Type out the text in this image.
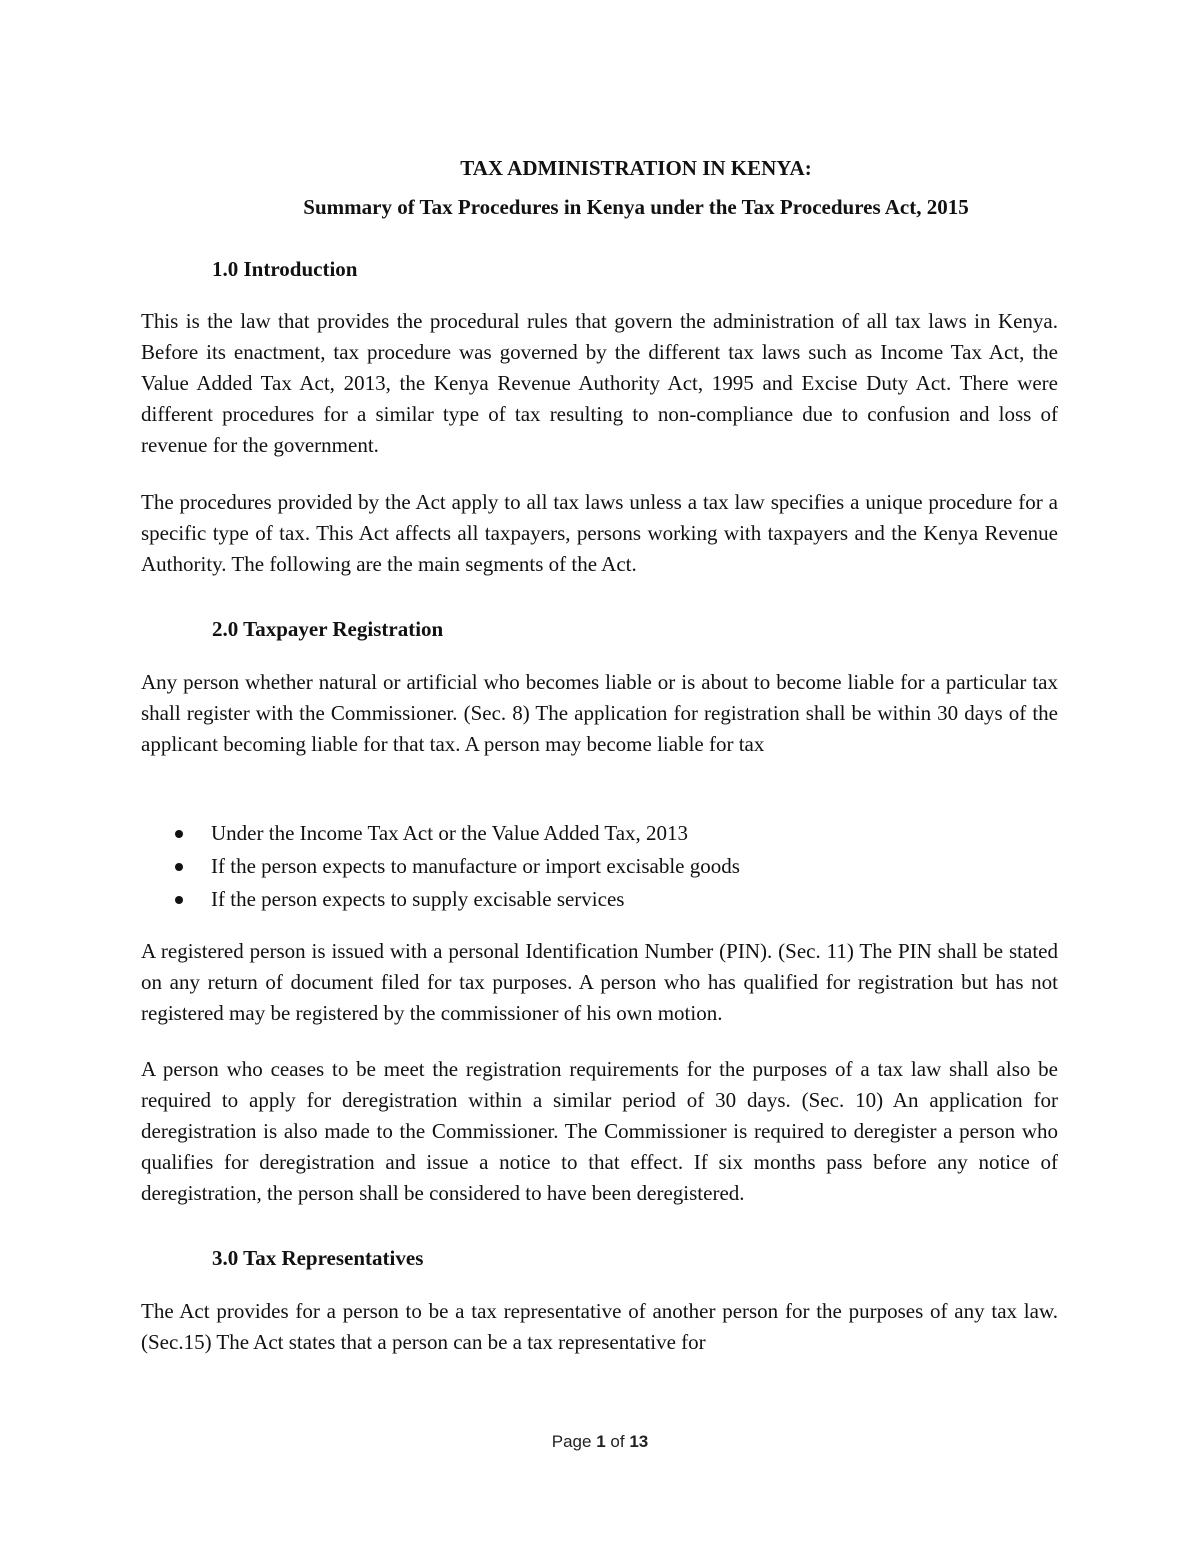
TAX ADMINISTRATION IN KENYA:
Summary of Tax Procedures in Kenya under the Tax Procedures Act, 2015
1.0 Introduction

This is the law that provides the procedural rules that govern the administration of all tax laws in Kenya. Before its enactment, tax procedure was governed by the different tax laws such as Income Tax Act, the Value Added Tax Act, 2013, the Kenya Revenue Authority Act, 1995 and Excise Duty Act. There were different procedures for a similar type of tax resulting to non-compliance due to confusion and loss of revenue for the government.

The procedures provided by the Act apply to all tax laws unless a tax law specifies a unique procedure for a specific type of tax. This Act affects all taxpayers, persons working with taxpayers and the Kenya Revenue Authority. The following are the main segments of the Act.

2.0 Taxpayer Registration

Any person whether natural or artificial who becomes liable or is about to become liable for a particular tax shall register with the Commissioner. (Sec. 8) The application for registration shall be within 30 days of the applicant becoming liable for that tax. A person may become liable for tax

Under the Income Tax Act or the Value Added Tax, 2013
If the person expects to manufacture or import excisable goods
If the person expects to supply excisable services

A registered person is issued with a personal Identification Number (PIN). (Sec. 11) The PIN shall be stated on any return of document filed for tax purposes. A person who has qualified for registration but has not registered may be registered by the commissioner of his own motion.

A person who ceases to be meet the registration requirements for the purposes of a tax law shall also be required to apply for deregistration within a similar period of 30 days. (Sec. 10) An application for deregistration is also made to the Commissioner. The Commissioner is required to deregister a person who qualifies for deregistration and issue a notice to that effect. If six months pass before any notice of deregistration, the person shall be considered to have been deregistered.

3.0 Tax Representatives

The Act provides for a person to be a tax representative of another person for the purposes of any tax law. (Sec.15) The Act states that a person can be a tax representative for

Page 1 of 13
